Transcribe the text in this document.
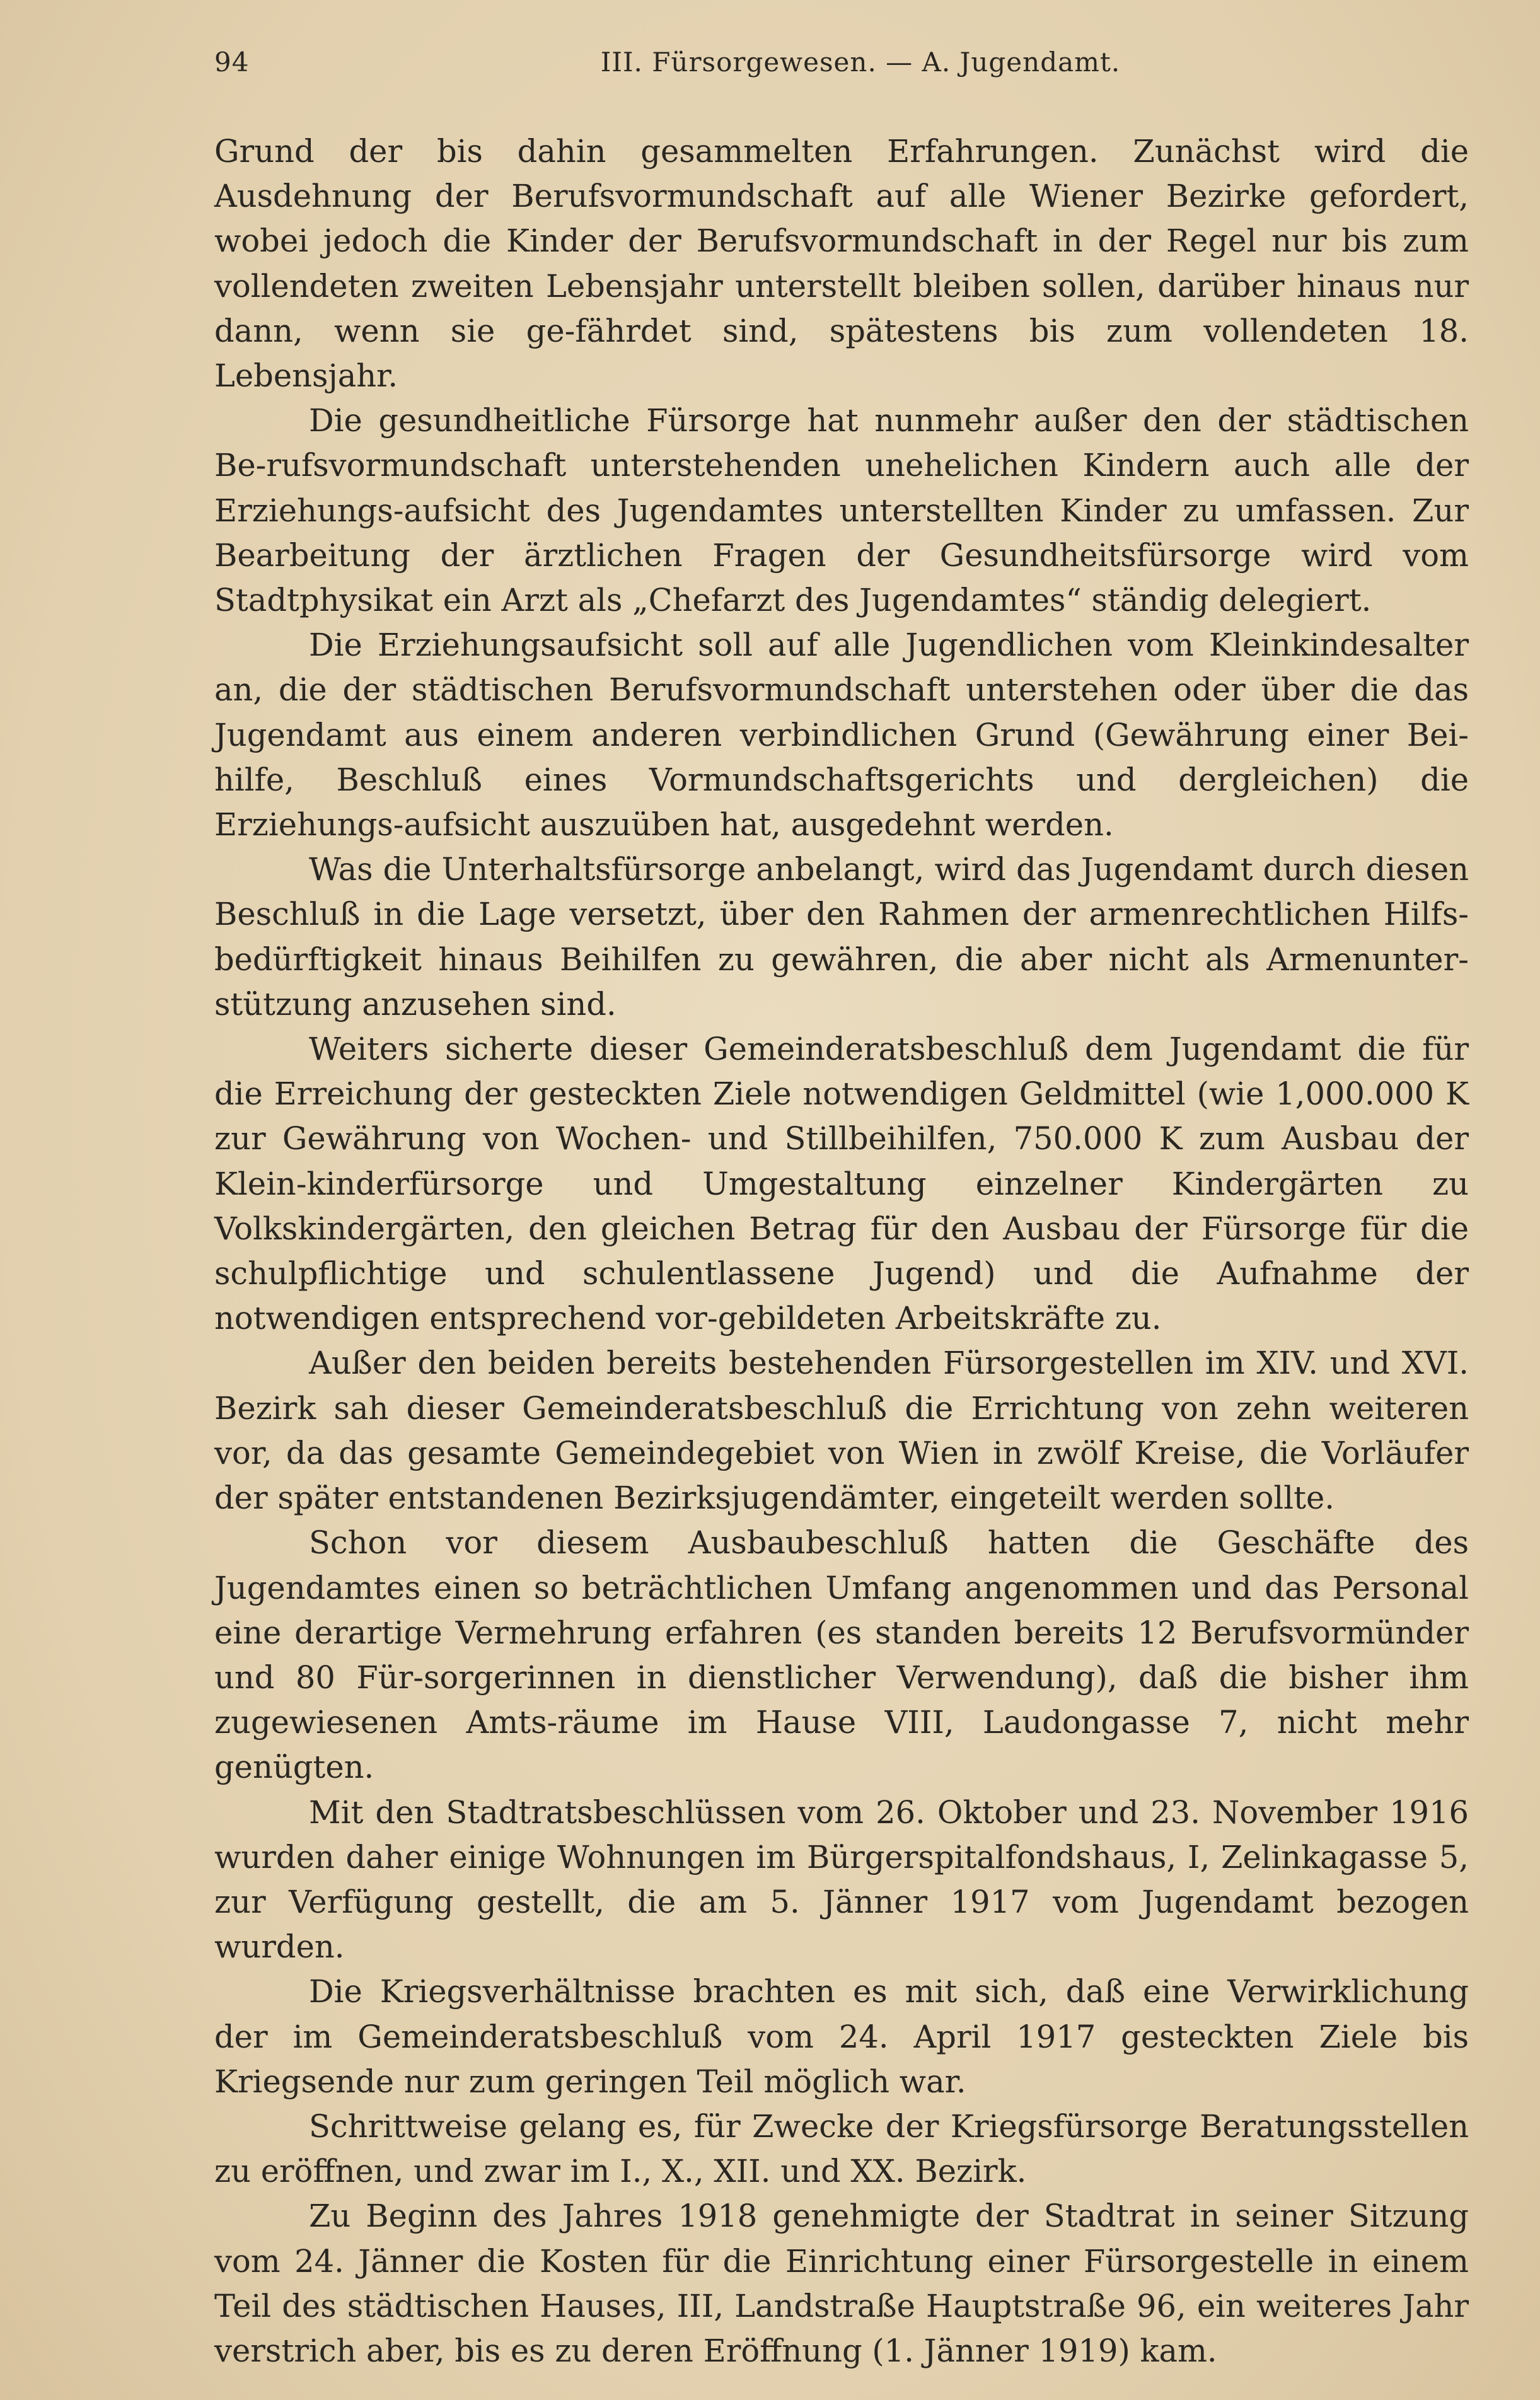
94	III. Fürsorgewesen. — A. Jugendamt.

Grund der bis dahin gesammelten Erfahrungen. Zunächst wird die Ausdehnung der Berufsvormundschaft auf alle Wiener Bezirke gefordert, wobei jedoch die Kinder der Berufsvormundschaft in der Regel nur bis zum vollendeten zweiten Lebensjahr unterstellt bleiben sollen, darüber hinaus nur dann, wenn sie ge-fährdet sind, spätestens bis zum vollendeten 18. Lebensjahr.

Die gesundheitliche Fürsorge hat nunmehr außer den der städtischen Be-rufsvormundschaft unterstehenden unehelichen Kindern auch alle der Erziehungs-aufsicht des Jugendamtes unterstellten Kinder zu umfassen. Zur Bearbeitung der ärztlichen Fragen der Gesundheitsfürsorge wird vom Stadtphysikat ein Arzt als „Chefarzt des Jugendamtes“ ständig delegiert.

Die Erziehungsaufsicht soll auf alle Jugendlichen vom Kleinkindesalter an, die der städtischen Berufsvormundschaft unterstehen oder über die das Jugendamt aus einem anderen verbindlichen Grund (Gewährung einer Bei-hilfe, Beschluß eines Vormundschaftsgerichts und dergleichen) die Erziehungs-aufsicht auszuüben hat, ausgedehnt werden.

Was die Unterhaltsfürsorge anbelangt, wird das Jugendamt durch diesen Beschluß in die Lage versetzt, über den Rahmen der armenrechtlichen Hilfs-bedürftigkeit hinaus Beihilfen zu gewähren, die aber nicht als Armenunter-stützung anzusehen sind.

Weiters sicherte dieser Gemeinderatsbeschluß dem Jugendamt die für die Erreichung der gesteckten Ziele notwendigen Geldmittel (wie 1,000.000 K zur Gewährung von Wochen- und Stillbeihilfen, 750.000 K zum Ausbau der Klein-kinderfürsorge und Umgestaltung einzelner Kindergärten zu Volkskindergärten, den gleichen Betrag für den Ausbau der Fürsorge für die schulpflichtige und schulentlassene Jugend) und die Aufnahme der notwendigen entsprechend vor-gebildeten Arbeitskräfte zu.

Außer den beiden bereits bestehenden Fürsorgestellen im XIV. und XVI. Bezirk sah dieser Gemeinderatsbeschluß die Errichtung von zehn weiteren vor, da das gesamte Gemeindegebiet von Wien in zwölf Kreise, die Vorläufer der später entstandenen Bezirksjugendämter, eingeteilt werden sollte.

Schon vor diesem Ausbaubeschluß hatten die Geschäfte des Jugendamtes einen so beträchtlichen Umfang angenommen und das Personal eine derartige Vermehrung erfahren (es standen bereits 12 Berufsvormünder und 80 Für-sorgerinnen in dienstlicher Verwendung), daß die bisher ihm zugewiesenen Amts-räume im Hause VIII, Laudongasse 7, nicht mehr genügten.

Mit den Stadtratsbeschlüssen vom 26. Oktober und 23. November 1916 wurden daher einige Wohnungen im Bürgerspitalfondshaus, I, Zelinkagasse 5, zur Verfügung gestellt, die am 5. Jänner 1917 vom Jugendamt bezogen wurden.

Die Kriegsverhältnisse brachten es mit sich, daß eine Verwirklichung der im Gemeinderatsbeschluß vom 24. April 1917 gesteckten Ziele bis Kriegsende nur zum geringen Teil möglich war.

Schrittweise gelang es, für Zwecke der Kriegsfürsorge Beratungsstellen zu eröffnen, und zwar im I., X., XII. und XX. Bezirk.

Zu Beginn des Jahres 1918 genehmigte der Stadtrat in seiner Sitzung vom 24. Jänner die Kosten für die Einrichtung einer Fürsorgestelle in einem Teil des städtischen Hauses, III, Landstraße Hauptstraße 96, ein weiteres Jahr verstrich aber, bis es zu deren Eröffnung (1. Jänner 1919) kam.
